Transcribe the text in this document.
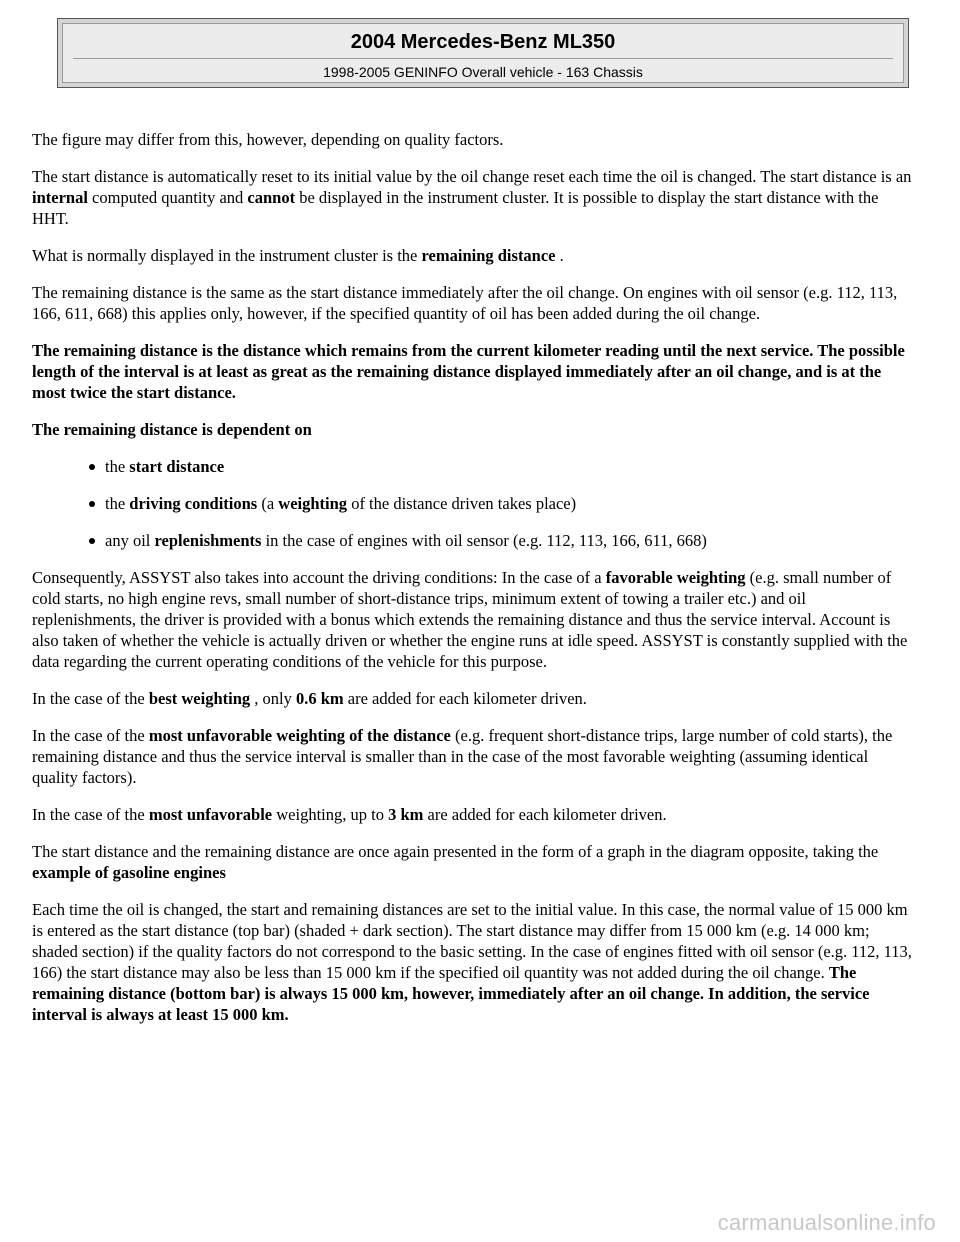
2004 Mercedes-Benz ML350
1998-2005 GENINFO Overall vehicle - 163 Chassis

The figure may differ from this, however, depending on quality factors.

The start distance is automatically reset to its initial value by the oil change reset each time the oil is changed. The start distance is an internal computed quantity and cannot be displayed in the instrument cluster. It is possible to display the start distance with the HHT.

What is normally displayed in the instrument cluster is the remaining distance .

The remaining distance is the same as the start distance immediately after the oil change. On engines with oil sensor (e.g. 112, 113, 166, 611, 668) this applies only, however, if the specified quantity of oil has been added during the oil change.

The remaining distance is the distance which remains from the current kilometer reading until the next service. The possible length of the interval is at least as great as the remaining distance displayed immediately after an oil change, and is at the most twice the start distance.

The remaining distance is dependent on

the start distance
the driving conditions (a weighting of the distance driven takes place)
any oil replenishments in the case of engines with oil sensor (e.g. 112, 113, 166, 611, 668)

Consequently, ASSYST also takes into account the driving conditions: In the case of a favorable weighting (e.g. small number of cold starts, no high engine revs, small number of short-distance trips, minimum extent of towing a trailer etc.) and oil replenishments, the driver is provided with a bonus which extends the remaining distance and thus the service interval. Account is also taken of whether the vehicle is actually driven or whether the engine runs at idle speed. ASSYST is constantly supplied with the data regarding the current operating conditions of the vehicle for this purpose.

In the case of the best weighting , only 0.6 km are added for each kilometer driven.

In the case of the most unfavorable weighting of the distance (e.g. frequent short-distance trips, large number of cold starts), the remaining distance and thus the service interval is smaller than in the case of the most favorable weighting (assuming identical quality factors).

In the case of the most unfavorable weighting, up to 3 km are added for each kilometer driven.

The start distance and the remaining distance are once again presented in the form of a graph in the diagram opposite, taking the example of gasoline engines

Each time the oil is changed, the start and remaining distances are set to the initial value. In this case, the normal value of 15 000 km is entered as the start distance (top bar) (shaded + dark section). The start distance may differ from 15 000 km (e.g. 14 000 km; shaded section) if the quality factors do not correspond to the basic setting. In the case of engines fitted with oil sensor (e.g. 112, 113, 166) the start distance may also be less than 15 000 km if the specified oil quantity was not added during the oil change. The remaining distance (bottom bar) is always 15 000 km, however, immediately after an oil change. In addition, the service interval is always at least 15 000 km.

carmanualsonline.info
